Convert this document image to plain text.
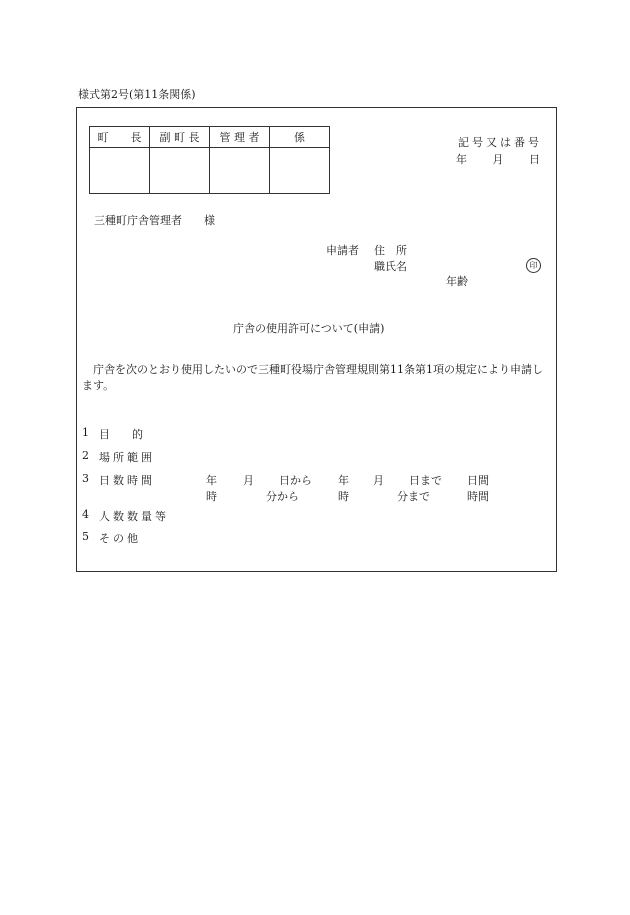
様式第2号(第11条関係)
町　　長	副 町 長	管 理 者	係
				記号又は番号
年 月 日
三種町庁舎管理者　　様
申請者 住　所
職氏名	印
年齢
庁舎の使用許可について(申請)
庁舎を次のとおり使用したいので三種町役場庁舎管理規則第11条第1項の規定により申請します。
1 目　　的
2 場 所 範 囲
3 日 数 時 間
4 人 数 数 量 等
5 そ の 他
年 月 日から 年 月 日まで 日間
時	分から	時	分まで	時間
